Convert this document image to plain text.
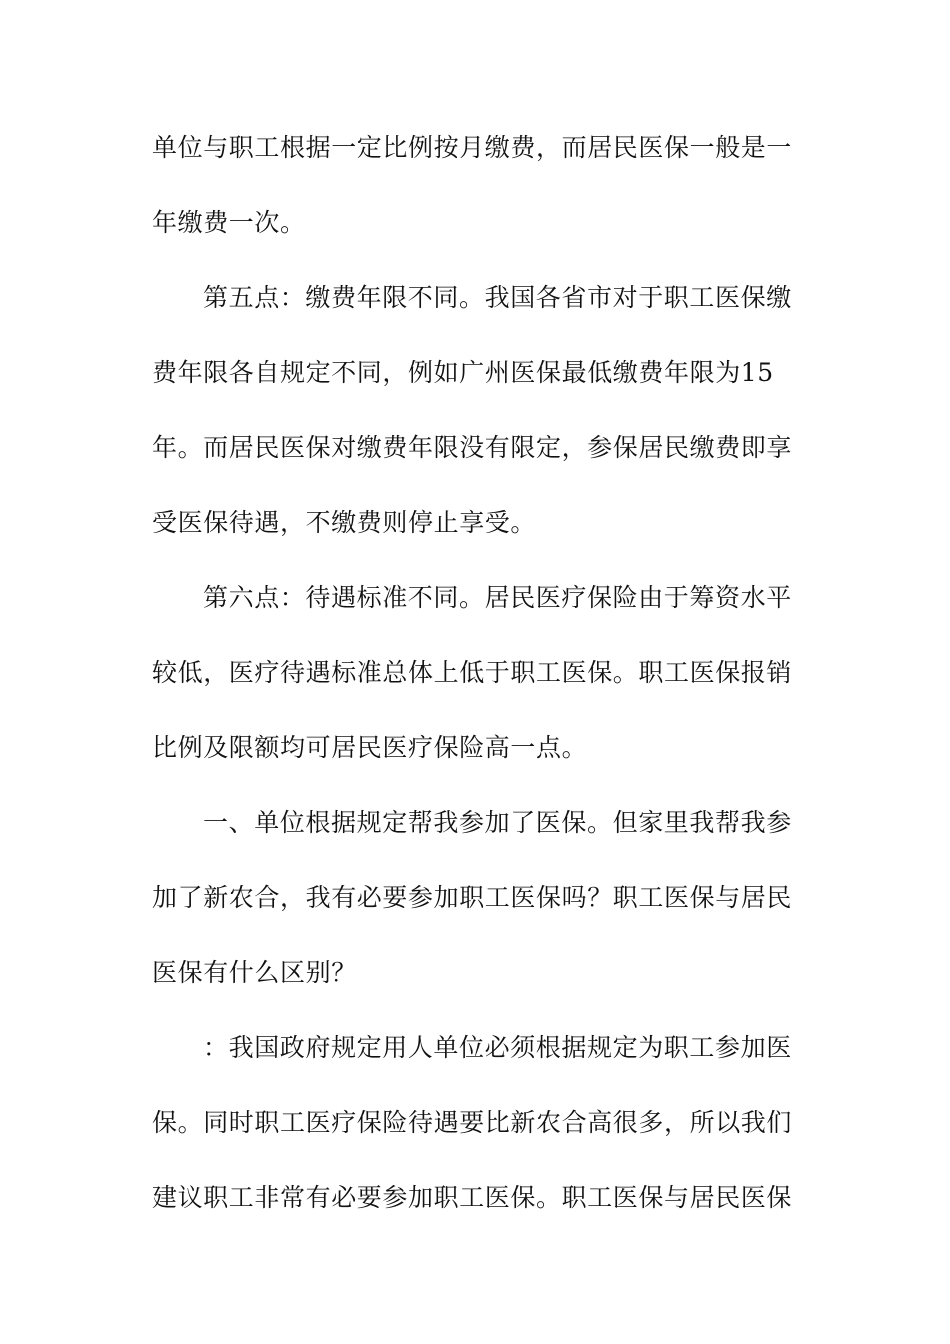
单位与职工根据一定比例按月缴费，而居民医保一般是一
年缴费一次。
第五点：缴费年限不同。我国各省市对于职工医保缴
费年限各自规定不同，例如广州医保最低缴费年限为15
年。而居民医保对缴费年限没有限定，参保居民缴费即享
受医保待遇，不缴费则停止享受。
第六点：待遇标准不同。居民医疗保险由于筹资水平
较低，医疗待遇标准总体上低于职工医保。职工医保报销
比例及限额均可居民医疗保险高一点。
一、单位根据规定帮我参加了医保。但家里我帮我参
加了新农合，我有必要参加职工医保吗？职工医保与居民
医保有什么区别？
：我国政府规定用人单位必须根据规定为职工参加医
保。同时职工医疗保险待遇要比新农合高很多，所以我们
建议职工非常有必要参加职工医保。职工医保与居民医保
